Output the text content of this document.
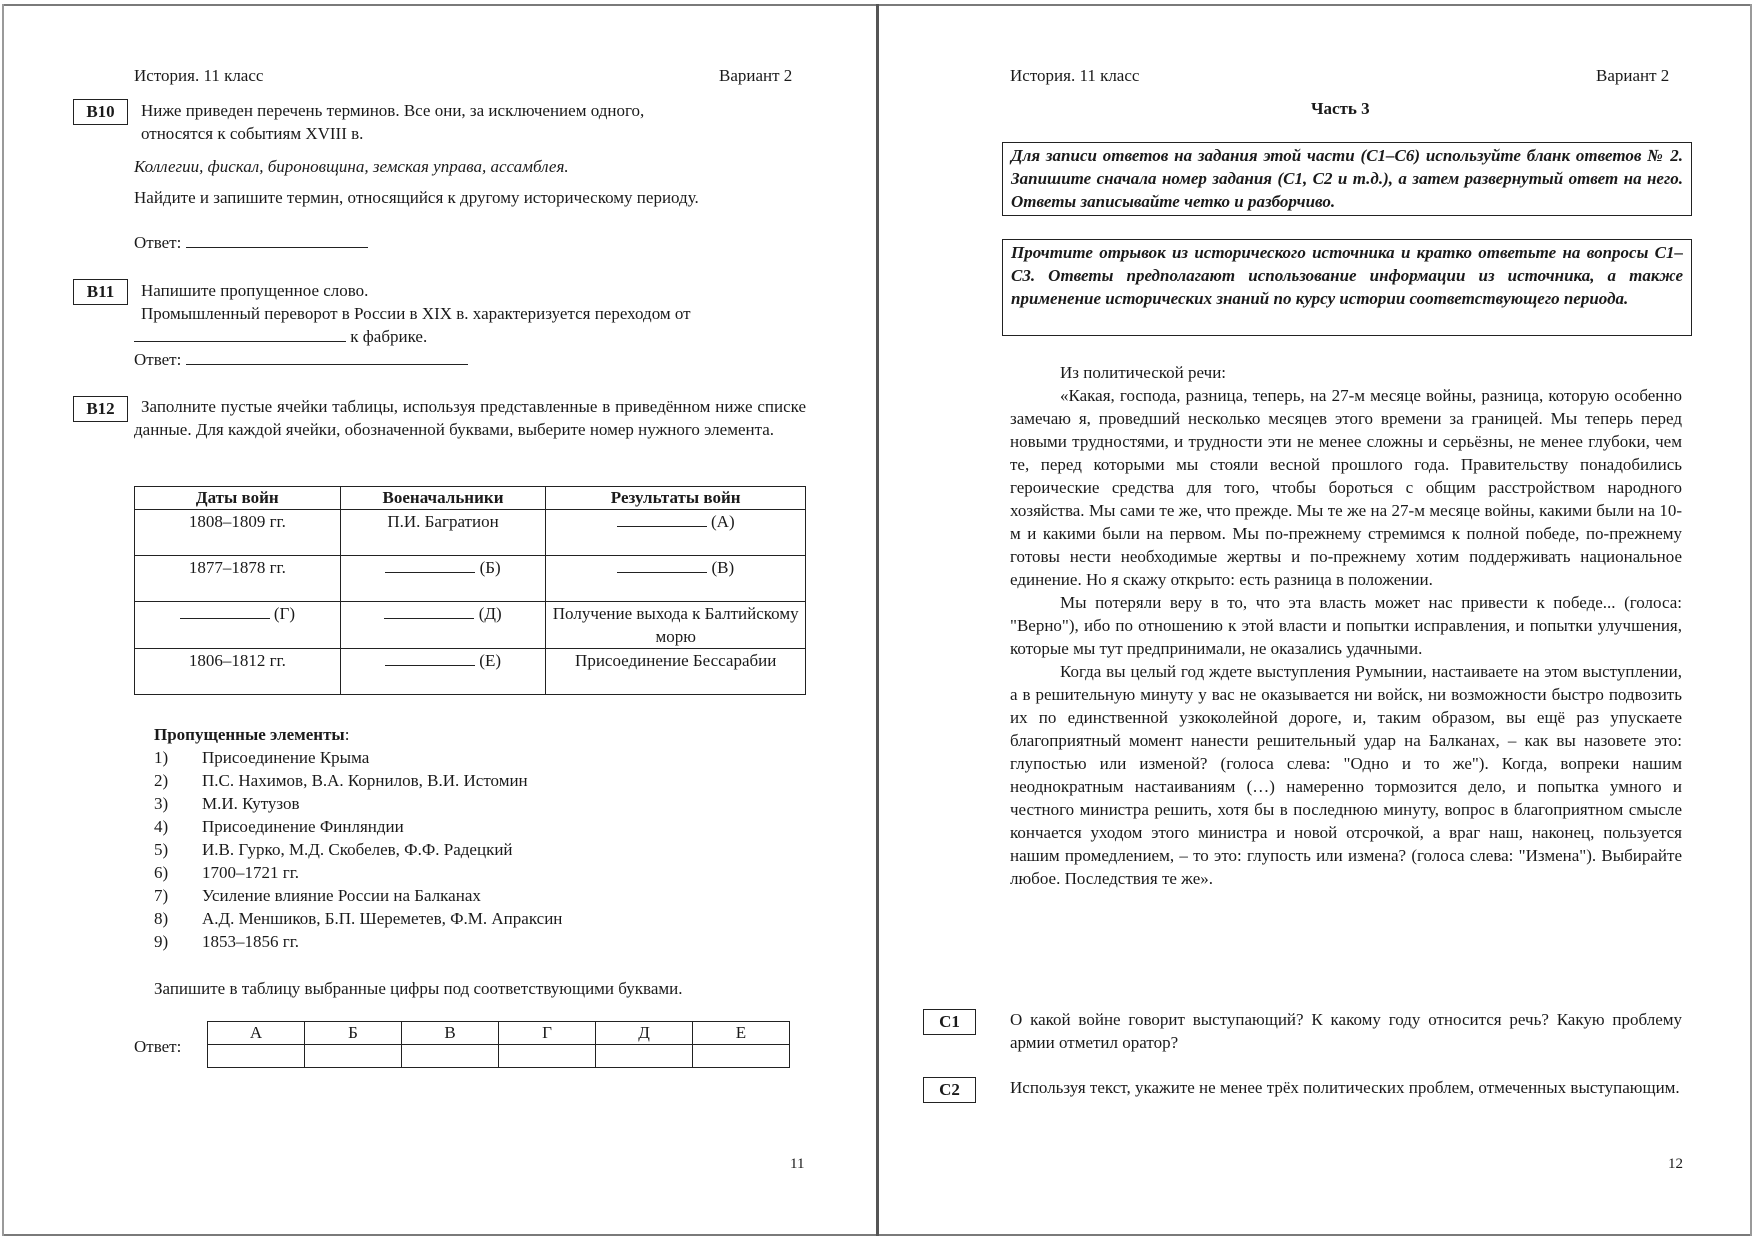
История. 11 класс	Вариант 2
B10	Ниже приведен перечень терминов. Все они, за исключением одного,
относятся к событиям XVIII в.
Коллегии, фискал, бироновщина, земская управа, ассамблея.
Найдите и запишите термин, относящийся к другому историческому периоду.
Ответ:
B11	Напишите пропущенное слово.
Промышленный переворот в России в XIX в. характеризуется переходом от
к фабрике.
Ответ:
B12	Заполните пустые ячейки таблицы, используя представленные в приведённом ниже списке данные. Для каждой ячейки, обозначенной буквами, выберите номер нужного элемента.
Даты войн	Военачальники	Результаты войн
1808–1809 гг.	П.И. Багратион	(А)
1877–1878 гг.	(Б)	(В)
(Г)	(Д)	Получение выхода к Балтийскому морю
1806–1812 гг.	(Е)	Присоединение Бессарабии
Пропущенные элементы:
1)	Присоединение Крыма
2)	П.С. Нахимов, В.А. Корнилов, В.И. Истомин
3)	М.И. Кутузов
4)	Присоединение Финляндии
5)	И.В. Гурко, М.Д. Скобелев, Ф.Ф. Радецкий
6)	1700–1721 гг.
7)	Усиление влияние России на Балканах
8)	А.Д. Меншиков, Б.П. Шереметев, Ф.М. Апраксин
9)	1853–1856 гг.
Запишите в таблицу выбранные цифры под соответствующими буквами.
Ответ:
А	Б	В	Г	Д	Е

11
История. 11 класс	Вариант 2
Часть 3
Для записи ответов на задания этой части (С1–С6) используйте бланк ответов № 2. Запишите сначала номер задания (С1, С2 и т.д.), а затем развернутый ответ на него. Ответы записывайте четко и разборчиво.
Прочтите отрывок из исторического источника и кратко ответьте на вопросы С1–С3. Ответы предполагают использование информации из источника, а также применение исторических знаний по курсу истории соответствующего периода.
Из политической речи:

«Какая, господа, разница, теперь, на 27-м месяце войны, разница, которую особенно замечаю я, проведший несколько месяцев этого времени за границей. Мы теперь перед новыми трудностями, и трудности эти не менее сложны и серьёзны, не менее глубоки, чем те, перед которыми мы стояли весной прошлого года. Правительству понадобились героические средства для того, чтобы бороться с общим расстройством народного хозяйства. Мы сами те же, что прежде. Мы те же на 27-м месяце войны, какими были на 10-м и какими были на первом. Мы по-прежнему стремимся к полной победе, по-прежнему готовы нести необходимые жертвы и по-прежнему хотим поддерживать национальное единение. Но я скажу открыто: есть разница в положении.

Мы потеряли веру в то, что эта власть может нас привести к победе... (голоса: "Верно"), ибо по отношению к этой власти и попытки исправления, и попытки улучшения, которые мы тут предпринимали, не оказались удачными.

Когда вы целый год ждете выступления Румынии, настаиваете на этом выступлении, а в решительную минуту у вас не оказывается ни войск, ни возможности быстро подвозить их по единственной узкоколейной дороге, и, таким образом, вы ещё раз упускаете благоприятный момент нанести решительный удар на Балканах, – как вы назовете это: глупостью или изменой? (голоса слева: "Одно и то же"). Когда, вопреки нашим неоднократным настаиваниям (…) намеренно тормозится дело, и попытка умного и честного министра решить, хотя бы в последнюю минуту, вопрос в благоприятном смысле кончается уходом этого министра и новой отсрочкой, а враг наш, наконец, пользуется нашим промедлением, – то это: глупость или измена? (голоса слева: "Измена"). Выбирайте любое. Последствия те же».

C1	О какой войне говорит выступающий? К какому году относится речь? Какую проблему армии отметил оратор?
C2	Используя текст, укажите не менее трёх политических проблем, отмеченных выступающим.
12
